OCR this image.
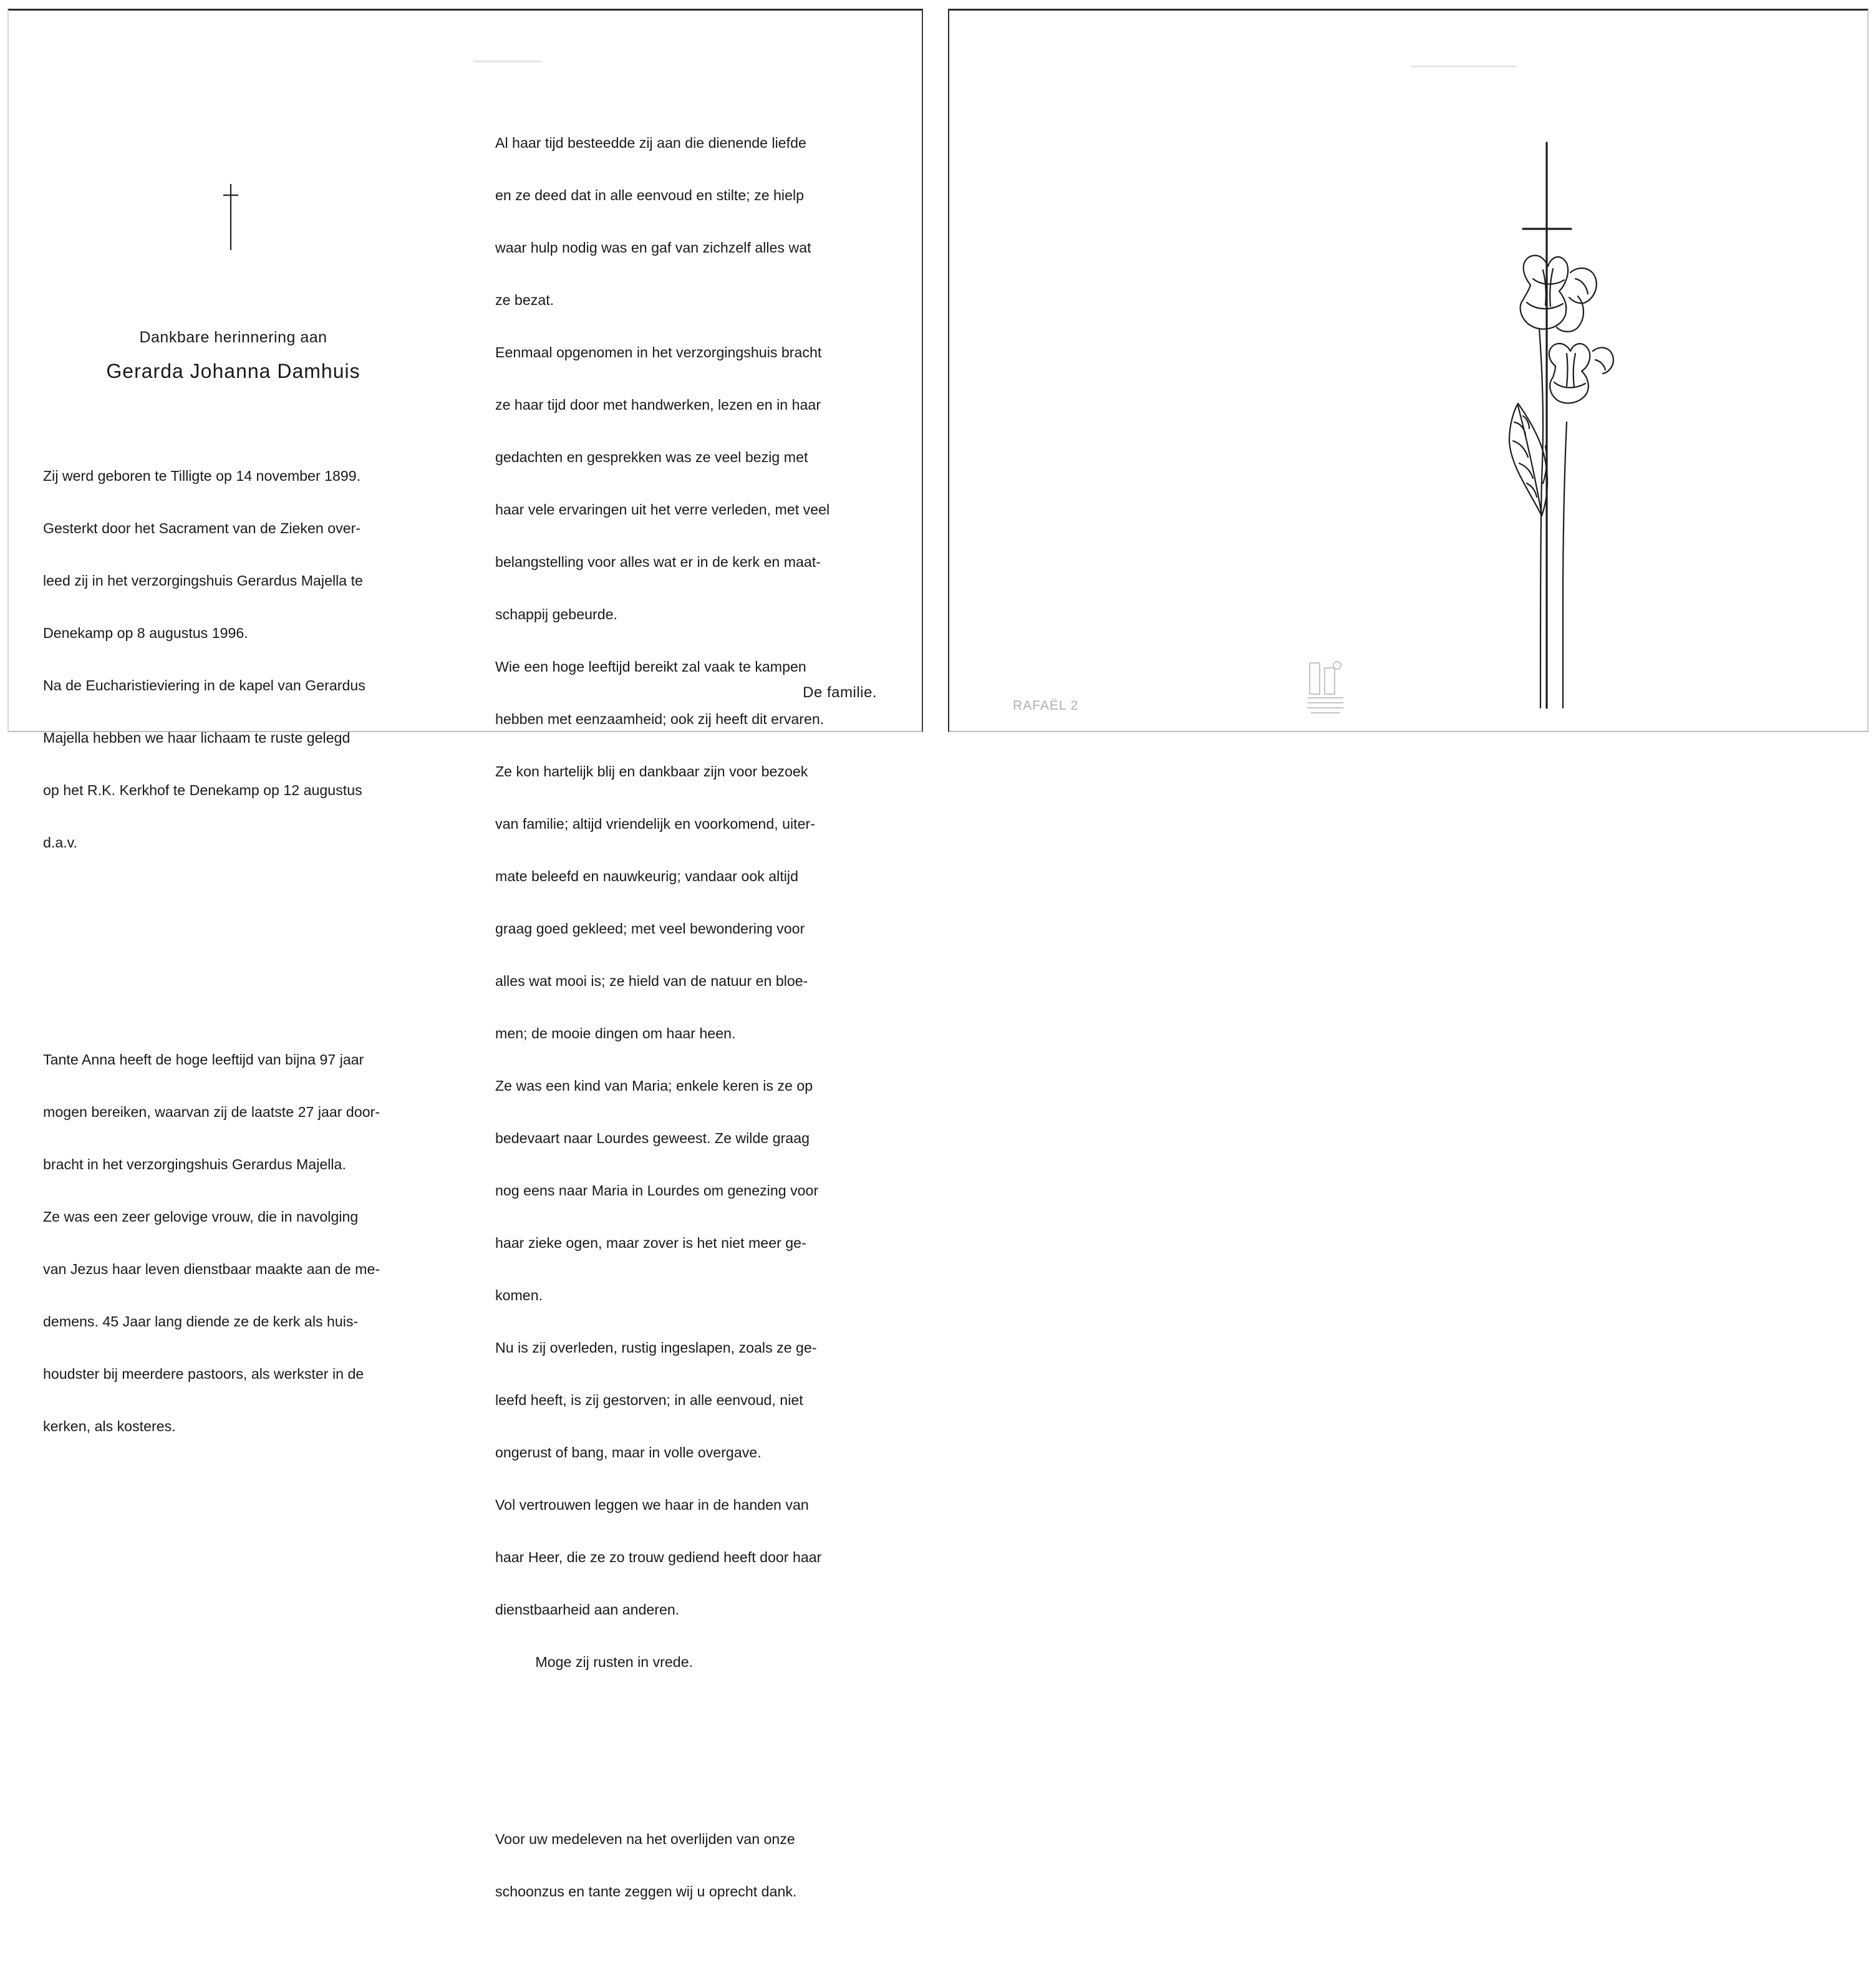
Dankbare herinnering aan
Gerarda Johanna Damhuis

Zij werd geboren te Tilligte op 14 november 1899.

Gesterkt door het Sacrament van de Zieken over-

leed zij in het verzorgingshuis Gerardus Majella te

Denekamp op 8 augustus 1996.

Na de Eucharistieviering in de kapel van Gerardus

Majella hebben we haar lichaam te ruste gelegd

op het R.K. Kerkhof te Denekamp op 12 augustus

d.a.v.

Tante Anna heeft de hoge leeftijd van bijna 97 jaar

mogen bereiken, waarvan zij de laatste 27 jaar door-

bracht in het verzorgingshuis Gerardus Majella.

Ze was een zeer gelovige vrouw, die in navolging

van Jezus haar leven dienstbaar maakte aan de me-

demens. 45 Jaar lang diende ze de kerk als huis-

houdster bij meerdere pastoors, als werkster in de

kerken, als kosteres.

Al haar tijd besteedde zij aan die dienende liefde

en ze deed dat in alle eenvoud en stilte; ze hielp

waar hulp nodig was en gaf van zichzelf alles wat

ze bezat.

Eenmaal opgenomen in het verzorgingshuis bracht

ze haar tijd door met handwerken, lezen en in haar

gedachten en gesprekken was ze veel bezig met

haar vele ervaringen uit het verre verleden, met veel

belangstelling voor alles wat er in de kerk en maat-

schappij gebeurde.

Wie een hoge leeftijd bereikt zal vaak te kampen

hebben met eenzaamheid; ook zij heeft dit ervaren.

Ze kon hartelijk blij en dankbaar zijn voor bezoek

van familie; altijd vriendelijk en voorkomend, uiter-

mate beleefd en nauwkeurig; vandaar ook altijd

graag goed gekleed; met veel bewondering voor

alles wat mooi is; ze hield van de natuur en bloe-

men; de mooie dingen om haar heen.

Ze was een kind van Maria; enkele keren is ze op

bedevaart naar Lourdes geweest. Ze wilde graag

nog eens naar Maria in Lourdes om genezing voor

haar zieke ogen, maar zover is het niet meer ge-

komen.

Nu is zij overleden, rustig ingeslapen, zoals ze ge-

leefd heeft, is zij gestorven; in alle eenvoud, niet

ongerust of bang, maar in volle overgave.

Vol vertrouwen leggen we haar in de handen van

haar Heer, die ze zo trouw gediend heeft door haar

dienstbaarheid aan anderen.

Moge zij rusten in vrede.

Voor uw medeleven na het overlijden van onze

schoonzus en tante zeggen wij u oprecht dank.

De familie.
RAFAËL 2
